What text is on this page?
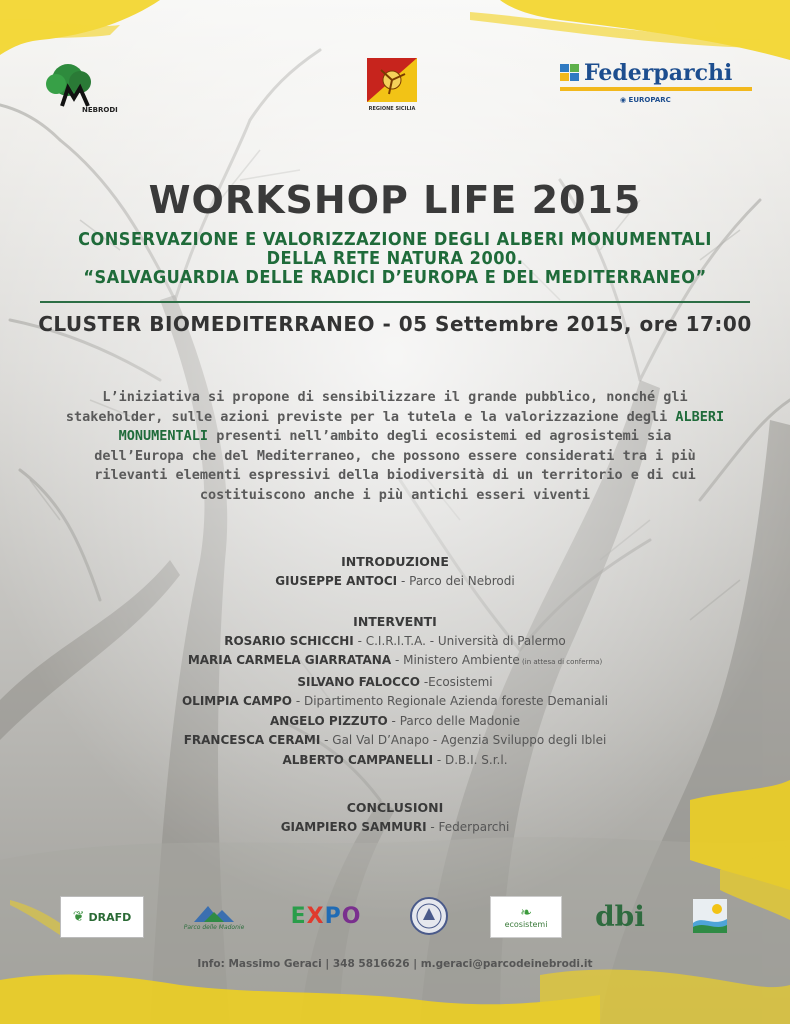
NEBRODI	REGIONE SICILIA
Federparchi
◉ EUROPARC
WORKSHOP LIFE 2015
CONSERVAZIONE E VALORIZZAZIONE DEGLI ALBERI MONUMENTALI
DELLA RETE NATURA 2000.
“SALVAGUARDIA DELLE RADICI D’EUROPA E DEL MEDITERRANEO”
CLUSTER BIOMEDITERRANEO - 05 Settembre 2015, ore 17:00
L’iniziativa si propone di sensibilizzare il grande pubblico, nonché gli
stakeholder, sulle azioni previste per la tutela e la valorizzazione degli ALBERI
MONUMENTALI presenti nell’ambito degli ecosistemi ed agrosistemi sia
dell’Europa che del Mediterraneo, che possono essere considerati tra i più
rilevanti elementi espressivi della biodiversità di un territorio e di cui
costituiscono anche i più antichi esseri viventi
INTRODUZIONE
GIUSEPPE ANTOCI - Parco dei Nebrodi
INTERVENTI
ROSARIO SCHICCHI - C.I.R.I.T.A. - Università di Palermo
MARIA CARMELA GIARRATANA - Ministero Ambiente (in attesa di conferma)
SILVANO FALOCCO -Ecosistemi
OLIMPIA CAMPO - Dipartimento Regionale Azienda foreste Demaniali
ANGELO PIZZUTO - Parco delle Madonie
FRANCESCA CERAMI - Gal Val D’Anapo - Agenzia Sviluppo degli Iblei
ALBERTO CAMPANELLI - D.B.I. S.r.l.
CONCLUSIONI
GIAMPIERO SAMMURI - Federparchi
❦ DRAFD
Parco delle Madonie EXPO	❧
ecosistemi dbi
Info: Massimo Geraci | 348 5816626 | m.geraci@parcodeinebrodi.it
